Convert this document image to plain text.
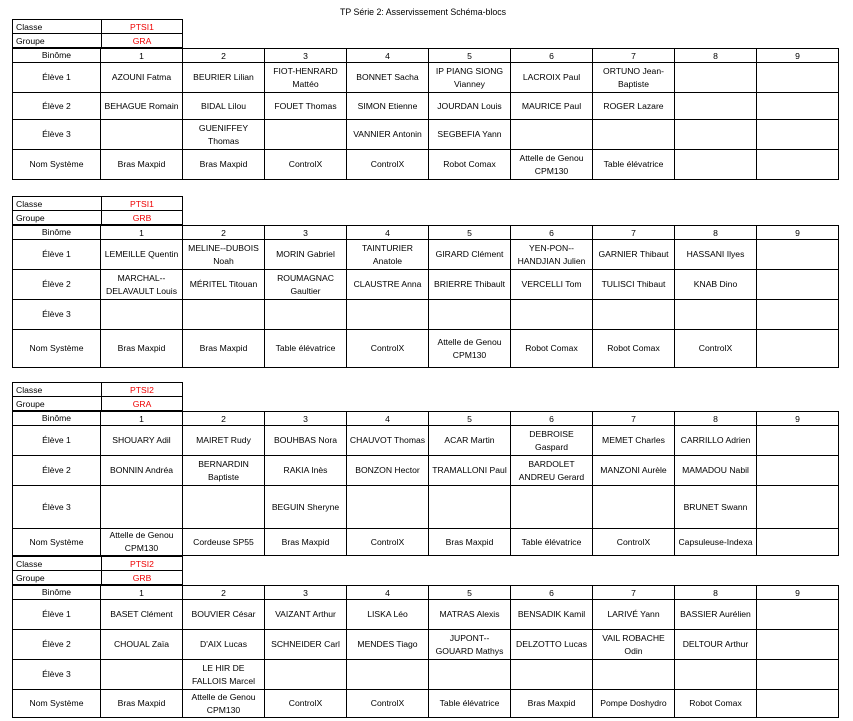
TP Série 2: Asservissement Schéma-blocs
Classe	PTSI1
Groupe	GRA
Binôme	1	2	3	4	5	6	7	8	9
Élève 1	AZOUNI Fatma	BEURIER Lilian	FIOT-HENRARD Mattéo	BONNET Sacha	IP PIANG SIONG Vianney	LACROIX Paul	ORTUNO Jean-Baptiste		
Élève 2	BEHAGUE Romain	BIDAL Lilou	FOUET Thomas	SIMON Etienne	JOURDAN Louis	MAURICE Paul	ROGER Lazare		
Élève 3		GUENIFFEY Thomas		VANNIER Antonin	SEGBEFIA Yann				
Nom Système	Bras Maxpid	Bras Maxpid	ControlX	ControlX	Robot Comax	Attelle de Genou CPM130	Table élévatrice		
Classe	PTSI1
Groupe	GRB
Binôme	1	2	3	4	5	6	7	8	9
Élève 1	LEMEILLE Quentin	MELINE--DUBOIS Noah	MORIN Gabriel	TAINTURIER Anatole	GIRARD Clément	YEN-PON--HANDJIAN Julien	GARNIER Thibaut	HASSANI Ilyes	
Élève 2	MARCHAL--DELAVAULT Louis	MÉRITEL Titouan	ROUMAGNAC Gaultier	CLAUSTRE Anna	BRIERRE Thibault	VERCELLI Tom	TULISCI Thibaut	KNAB Dino	
Élève 3									
Nom Système	Bras Maxpid	Bras Maxpid	Table élévatrice	ControlX	Attelle de Genou CPM130	Robot Comax	Robot Comax	ControlX	
Classe	PTSI2
Groupe	GRA
Binôme	1	2	3	4	5	6	7	8	9
Élève 1	SHOUARY Adil	MAIRET Rudy	BOUHBAS Nora	CHAUVOT Thomas	ACAR Martin	DEBROISE Gaspard	MEMET Charles	CARRILLO Adrien	
Élève 2	BONNIN Andréa	BERNARDIN Baptiste	RAKIA Inès	BONZON Hector	TRAMALLONI Paul	BARDOLET ANDREU Gerard	MANZONI Aurèle	MAMADOU Nabil	
Élève 3			BEGUIN Sheryne					BRUNET Swann	
Nom Système	Attelle de Genou CPM130	Cordeuse SP55	Bras Maxpid	ControlX	Bras Maxpid	Table élévatrice	ControlX	Capsuleuse-Indexa	
Classe	PTSI2
Groupe	GRB
Binôme	1	2	3	4	5	6	7	8	9
Élève 1	BASET Clément	BOUVIER César	VAIZANT Arthur	LISKA Léo	MATRAS Alexis	BENSADIK Kamil	LARIVÉ Yann	BASSIER Aurélien	
Élève 2	CHOUAL Zaïa	D'AIX Lucas	SCHNEIDER Carl	MENDES Tiago	JUPONT--GOUARD Mathys	DELZOTTO Lucas	VAIL ROBACHE Odin	DELTOUR Arthur	
Élève 3		LE HIR DE FALLOIS Marcel							
Nom Système	Bras Maxpid	Attelle de Genou CPM130	ControlX	ControlX	Table élévatrice	Bras Maxpid	Pompe Doshydro	Robot Comax	
